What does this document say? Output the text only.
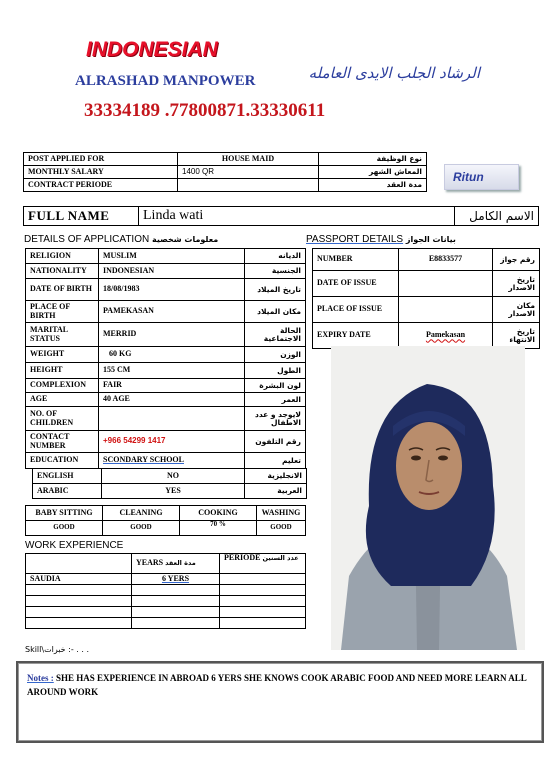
INDONESIAN
ALRASHAD MANPOWER	الرشاد الجلب الايدى العامله
33334189 .77800871.33330611
POST APPLIED FOR	HOUSE MAID	نوع الوظيفة
MONTHLY SALARY	1400 QR	المعاش الشهر
CONTRACT PERIODE		مدة العقد
Ritun
FULL NAME	Linda wati	الاسم الكامل
DETAILS OF APPLICATION معلومات شخصية	PASSPORT DETAILS بيانات الجواز
RELIGION	MUSLIM	الديانه
NATIONALITY	INDONESIAN	الجنسية
DATE OF BIRTH	18/08/1983	تاريخ الميلاد
PLACE OF BIRTH	PAMEKASAN	مكان الميلاد
MARITAL STATUS	MERRID	الحالة الاجتماعية
WEIGHT	60 KG	الوزن
HEIGHT	155 CM	الطول
COMPLEXION	FAIR	لون البشرة
AGE	40 AGE	العمر
NO. OF CHILDREN		لايوجد و عدد الاطفال
CONTACT NUMBER	+966 54299 1417	رقم التلفون
EDUCATION	SCONDARY SCHOOL	تعليم
ENGLISH	NO	الانجليزية
ARABIC	YES	العربية
NUMBER	E8833577	رقم جواز
DATE OF ISSUE		تاريخ الاصدار
PLACE OF ISSUE		مكان الاصدار
EXPIRY DATE	Pamekasan	تاريخ الانتهاء
BABY SITTING	CLEANING	COOKING	WASHING
GOOD	GOOD	70 %	GOOD
WORK EXPERIENCE
	YEARS مدة العقد	PERIODE عدد السنين
SAUDIA	6 YERS	

Skill\خبرات :- . . .
Notes : SHE HAS EXPERIENCE IN ABROAD 6 YERS SHE KNOWS COOK ARABIC FOOD AND NEED MORE LEARN ALL AROUND WORK
